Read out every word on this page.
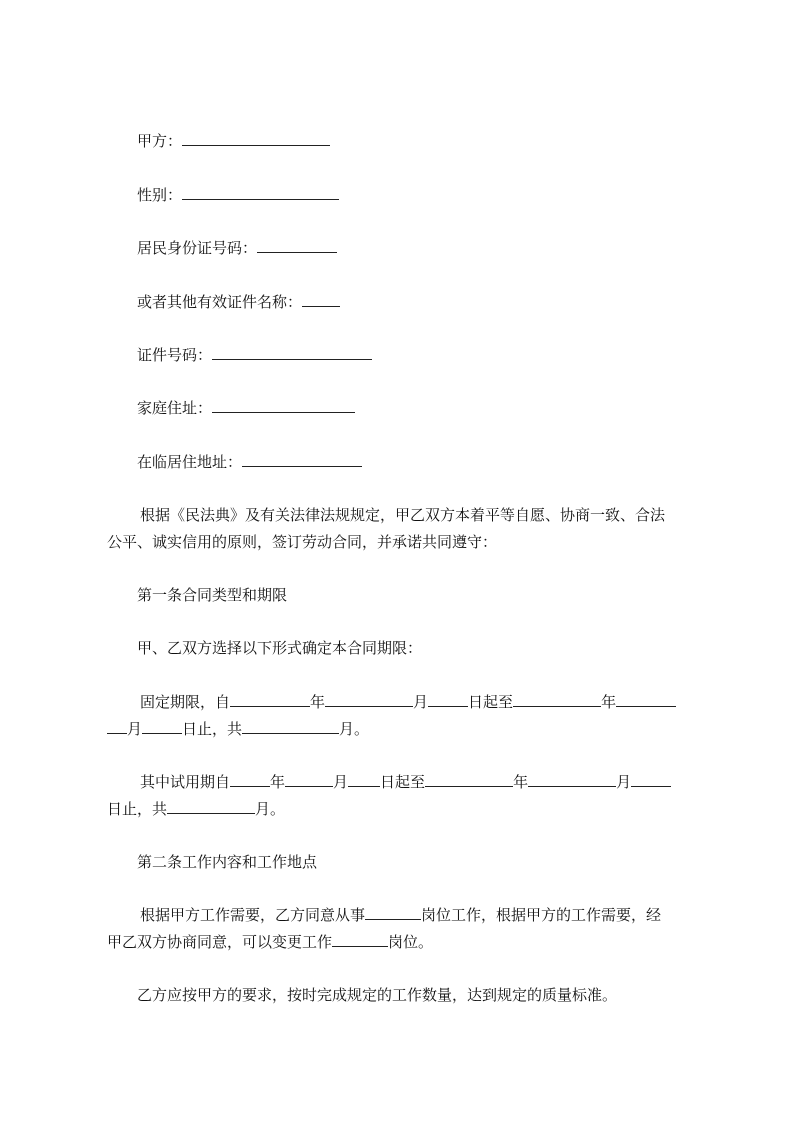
甲方：
性别：
居民身份证号码：
或者其他有效证件名称：
证件号码：
家庭住址：
在临居住地址：
根据《民法典》及有关法律法规规定，甲乙双方本着平等自愿、协商一致、合法
公平、诚实信用的原则，签订劳动合同，并承诺共同遵守：
第一条合同类型和期限
甲、乙双方选择以下形式确定本合同期限：
固定期限，自	年	月	日起至	年
月	日止，共	月。
其中试用期自	年	月 日起至	年	月
日止，共	月。
第二条工作内容和工作地点
根据甲方工作需要，乙方同意从事	岗位工作，根据甲方的工作需要，经
甲乙双方协商同意，可以变更工作	岗位。
乙方应按甲方的要求，按时完成规定的工作数量，达到规定的质量标准。
